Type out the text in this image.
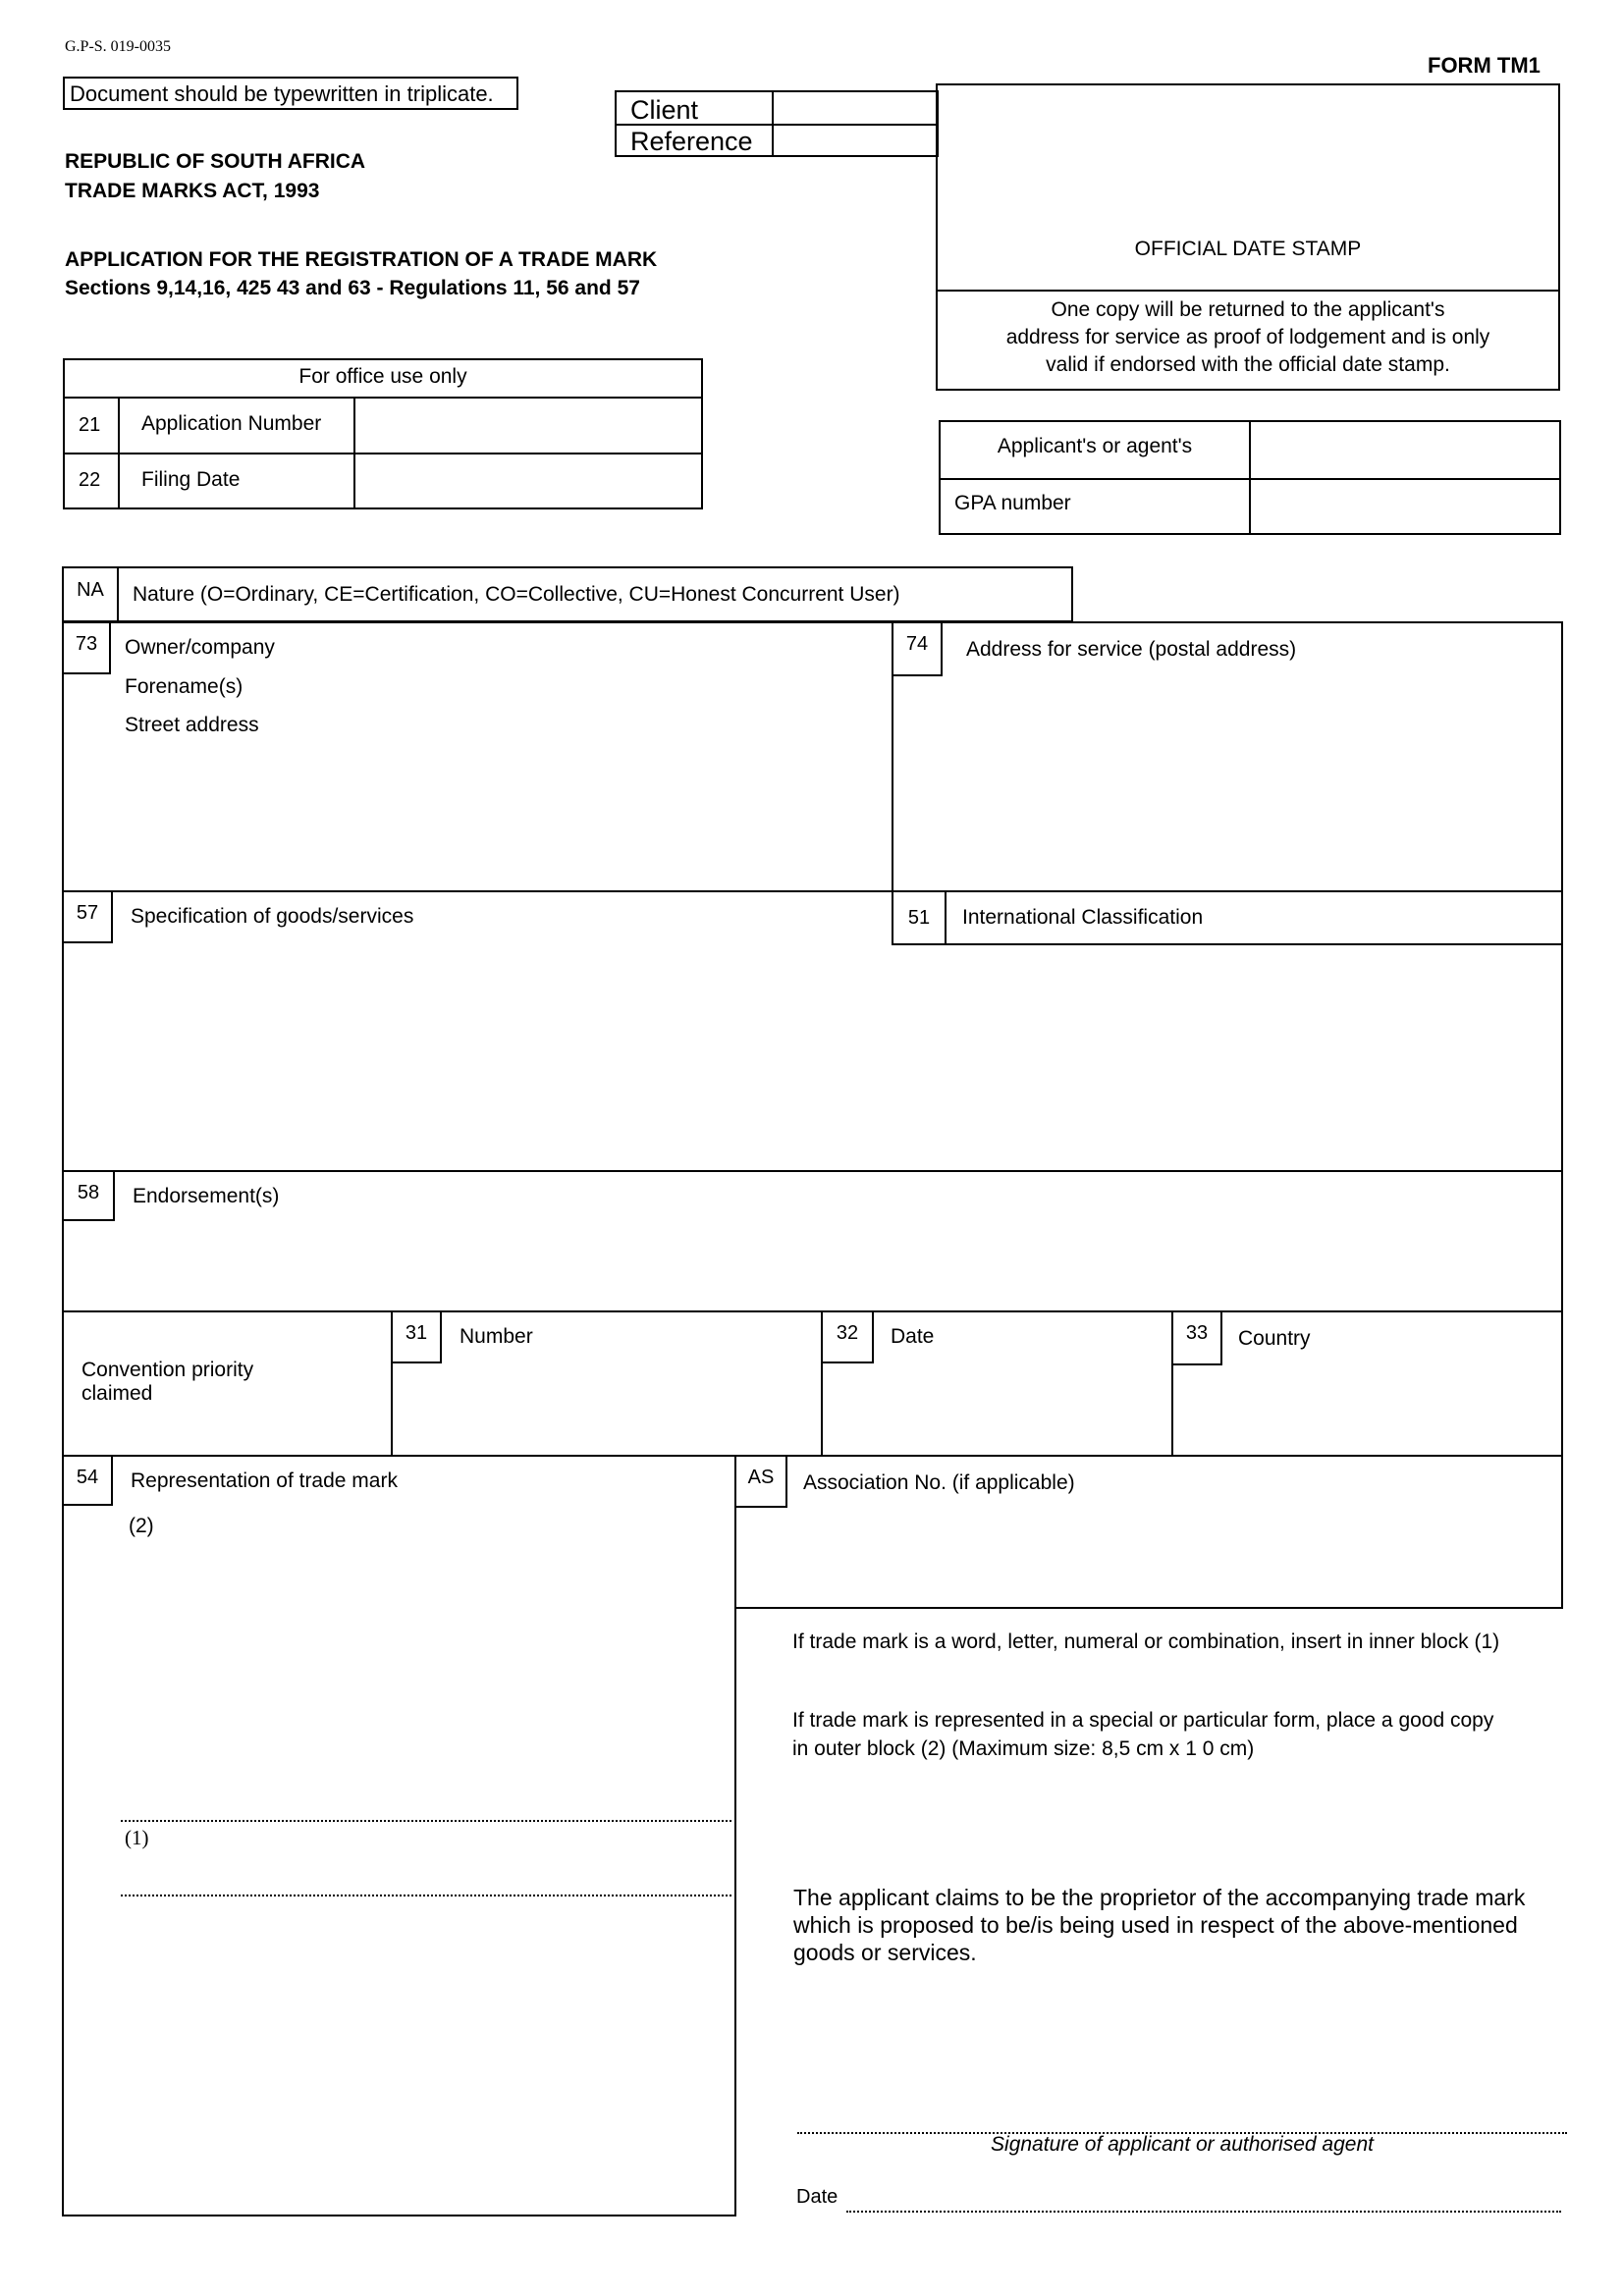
G.P-S. 019-0035
Document should be typewritten in triplicate.
FORM TM1
REPUBLIC OF SOUTH AFRICA
TRADE MARKS ACT, 1993
APPLICATION FOR THE REGISTRATION OF A TRADE MARK
Sections 9,14,16, 425 43 and 63 - Regulations 11, 56 and 57
Client
Reference
OFFICIAL DATE STAMP
One copy will be returned to the applicant's
address for service as proof of lodgement and is only
valid if endorsed with the official date stamp.
For office use only
21 Application Number
22 Filing Date
Applicant's or agent's
GPA number
NA	Nature (O=Ordinary, CE=Certification, CO=Collective, CU=Honest Concurrent User)
73	Owner/company
Forename(s)
Street address
74	Address for service (postal address)
57	Specification of goods/services	51	International Classification
58	Endorsement(s)
Convention priority
claimed
31	Number	32	Date	33	Country
54	Representation of trade mark
(2)
(1)
AS	Association No. (if applicable)
If trade mark is a word, letter, numeral or combination, insert in inner block (1)
If trade mark is represented in a special or particular form, place a good copy
in outer block (2) (Maximum size: 8,5 cm x 1 0 cm)
The applicant claims to be the proprietor of the accompanying trade mark
which is proposed to be/is being used in respect of the above-mentioned
goods or services.
Signature of applicant or authorised agent
Date
